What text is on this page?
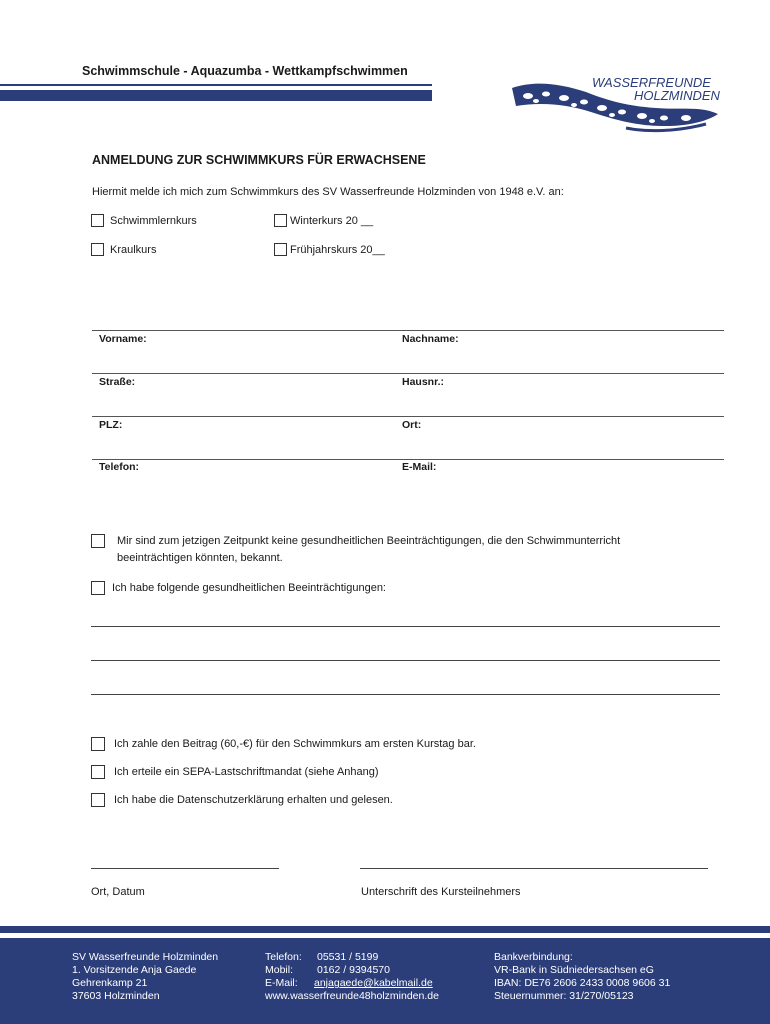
Schwimmschule - Aquazumba - Wettkampfschwimmen
WASSERFREUNDE
HOLZMINDEN
ANMELDUNG ZUR SCHWIMMKURS FÜR ERWACHSENE
Hiermit melde ich mich zum Schwimmkurs des SV Wasserfreunde Holzminden von 1948 e.V. an:
Schwimmlernkurs	Winterkurs 20 __
Kraulkurs	Frühjahrskurs 20__
Vorname:	Nachname:
Straße:	Hausnr.:
PLZ:	Ort:
Telefon:	E-Mail:
Mir sind zum jetzigen Zeitpunkt keine gesundheitlichen Beeinträchtigungen, die den Schwimmunterricht
beeinträchtigen könnten, bekannt.
Ich habe folgende gesundheitlichen Beeinträchtigungen:
Ich zahle den Beitrag (60,-€) für den Schwimmkurs am ersten Kurstag bar.
Ich erteile ein SEPA-Lastschriftmandat (siehe Anhang)
Ich habe die Datenschutzerklärung erhalten und gelesen.
Ort, Datum	Unterschrift des Kursteilnehmers
SV Wasserfreunde Holzminden
1. Vorsitzende Anja Gaede
Gehrenkamp 21
37603 Holzminden
Telefon: 05531 / 5199
Mobil: 0162 / 9394570
E-Mail: anjagaede@kabelmail.de
www.wasserfreunde48holzminden.de
Bankverbindung:
VR-Bank in Südniedersachsen eG
IBAN: DE76 2606 2433 0008 9606 31
Steuernummer: 31/270/05123
